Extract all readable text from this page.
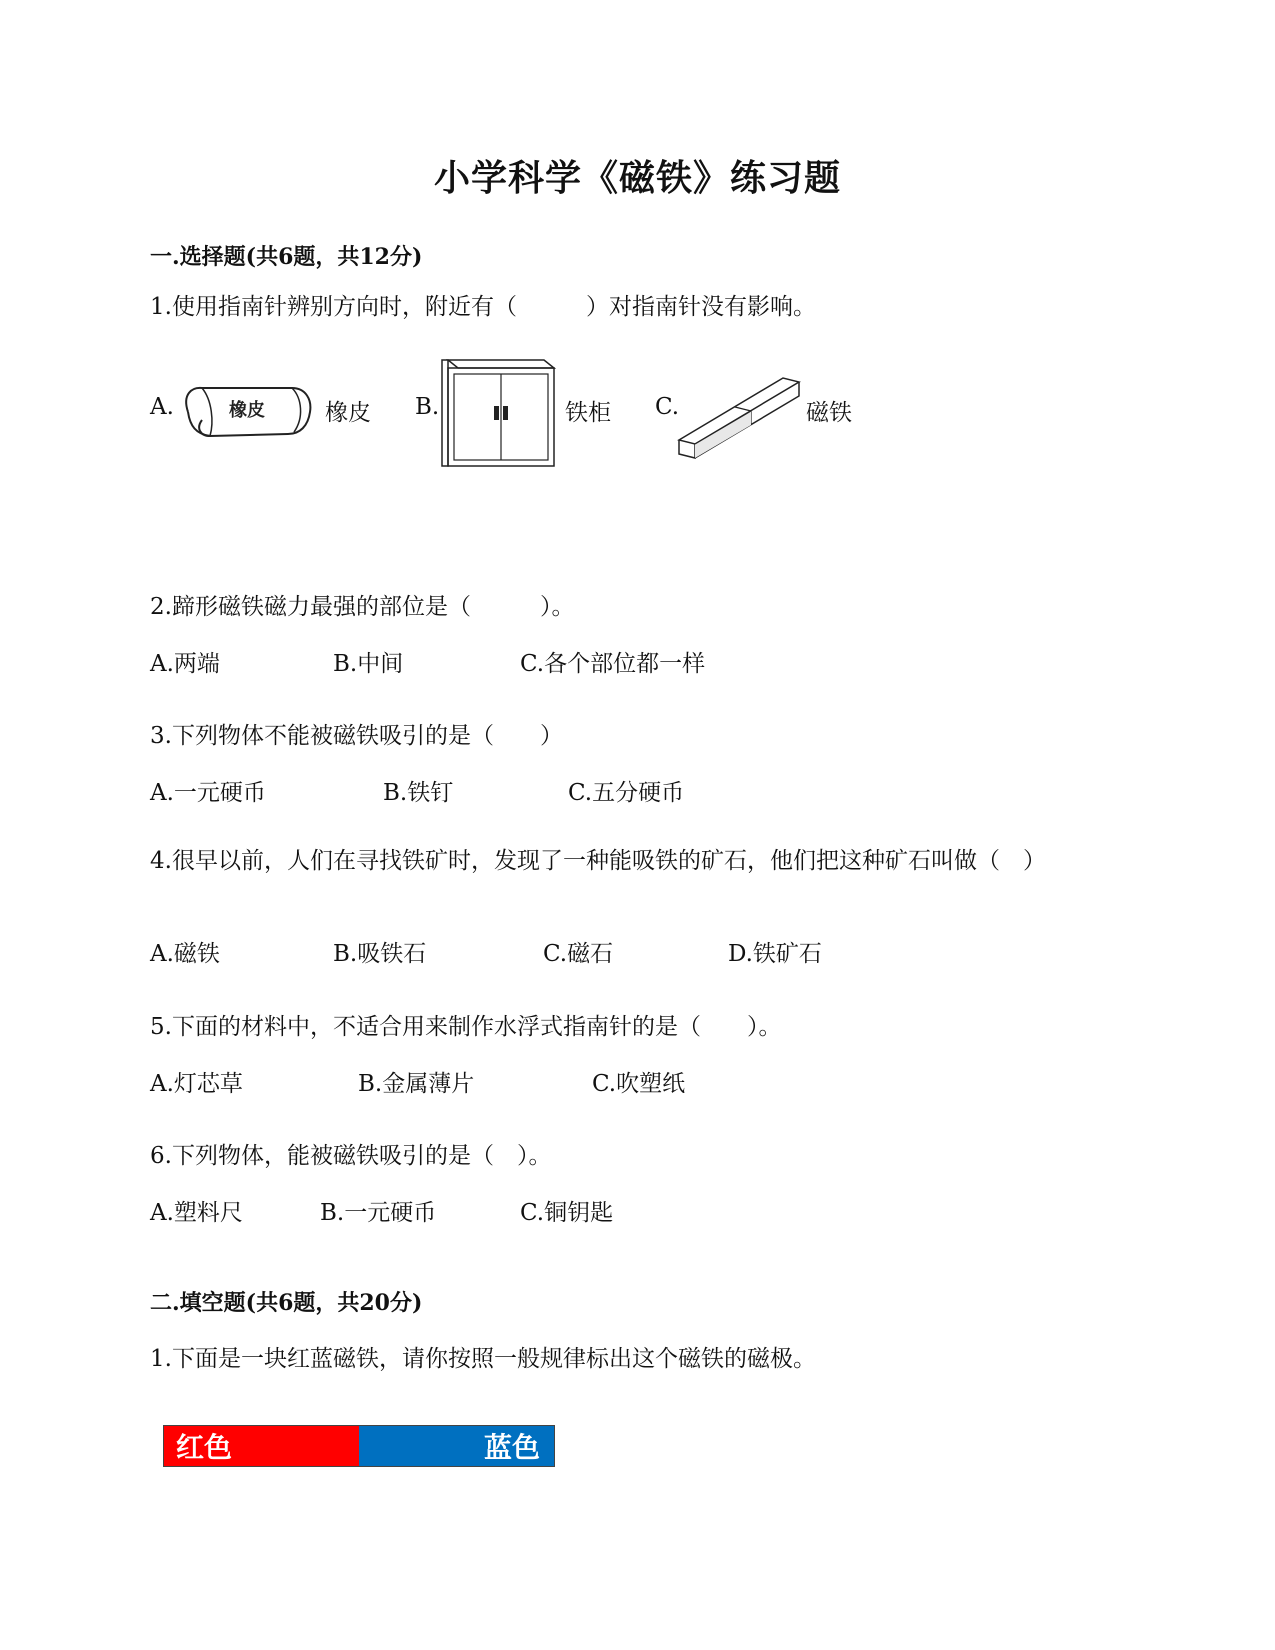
小学科学《磁铁》练习题
一.选择题(共6题，共12分)
1.使用指南针辨别方向时，附近有（　　　）对指南针没有影响。
A.	橡皮	橡皮 B.	铁柜 C.	磁铁
2.蹄形磁铁磁力最强的部位是（　　　）。
A.两端	B.中间	C.各个部位都一样
3.下列物体不能被磁铁吸引的是（　　）
A.一元硬币	B.铁钉	C.五分硬币
4.很早以前，人们在寻找铁矿时，发现了一种能吸铁的矿石，他们把这种矿石叫做（　）
A.磁铁	B.吸铁石	C.磁石	D.铁矿石
5.下面的材料中，不适合用来制作水浮式指南针的是（　　）。
A.灯芯草	B.金属薄片	C.吹塑纸
6.下列物体，能被磁铁吸引的是（　）。
A.塑料尺	B.一元硬币	C.铜钥匙
二.填空题(共6题，共20分)
1.下面是一块红蓝磁铁，请你按照一般规律标出这个磁铁的磁极。
红色	蓝色
